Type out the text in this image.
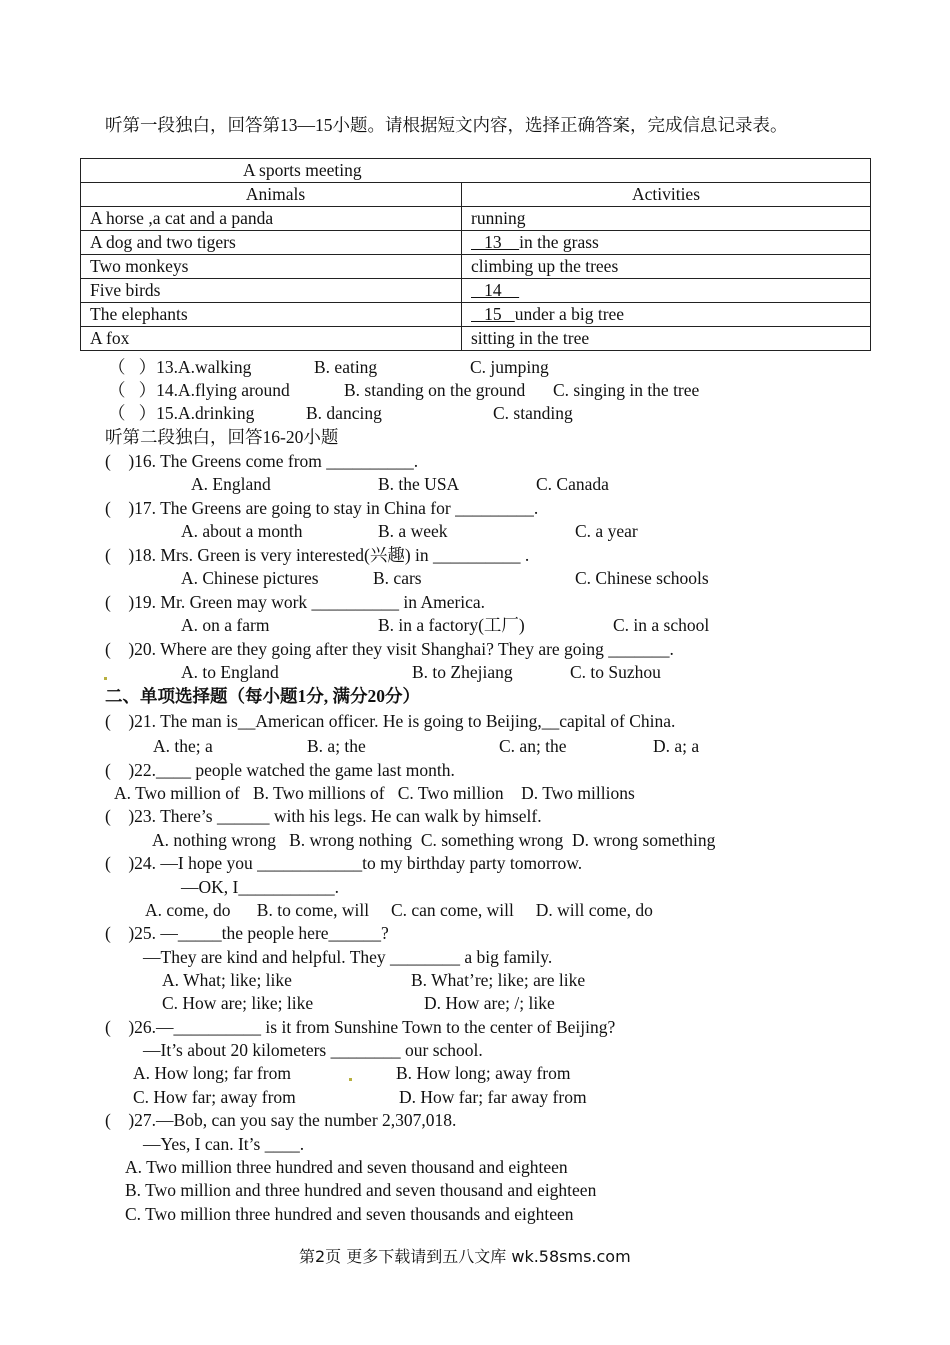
听第一段独白，回答第13—15小题。请根据短文内容，选择正确答案，完成信息记录表。
A sports meeting	
Animals	Activities
A horse ,a cat and a panda	running
A dog and two tigers	13    in the grass
Two monkeys	climbing up the trees
Five birds	14
The elephants	15   under a big tree
A fox	sitting in the tree
（   ）13.A.walking	B. eating	C. jumping
（   ）14.A.flying around	B. standing on the ground C. singing in the tree
（   ）15.A.drinking	B. dancing	C. standing
听第二段独白，回答16-20小题
(    )16. The Greens come from __________.
A. England	B. the USA	C. Canada
(    )17. The Greens are going to stay in China for _________.
A. about a month	B. a week	C. a year
(    )18. Mrs. Green is very interested(兴趣) in __________ .
A. Chinese pictures	B. cars	C. Chinese schools
(    )19. Mr. Green may work __________ in America.
A. on a farm	B. in a factory(工厂)	C. in a school
(    )20. Where are they going after they visit Shanghai? They are going _______.
A. to England	B. to Zhejiang	C. to Suzhou
二、单项选择题（每小题1分, 满分20分）
(    )21. The man is__American officer. He is going to Beijing,__capital of China.
A. the; a	B. a; the	C. an; the	D. a; a
(    )22.____ people watched the game last month.
A. Two million of   B. Two millions of   C. Two million    D. Two millions
(    )23. There’s ______ with his legs. He can walk by himself.
A. nothing wrong   B. wrong nothing  C. something wrong  D. wrong something
(    )24. —I hope you ____________to my birthday party tomorrow.
—OK, I___________.
A. come, do      B. to come, will     C. can come, will     D. will come, do
(    )25. —_____the people here______?
—They are kind and helpful. They ________ a big family.
A. What; like; like	B. What’re; like; are like
C. How are; like; like	D. How are; /; like
(    )26.—__________ is it from Sunshine Town to the center of Beijing?
—It’s about 20 kilometers ________ our school.
A. How long; far from	B. How long; away from
C. How far; away from	D. How far; far away from
(    )27.—Bob, can you say the number 2,307,018.
—Yes, I can. It’s ____.
A. Two million three hundred and seven thousand and eighteen
B. Two million and three hundred and seven thousand and eighteen
C. Two million three hundred and seven thousands and eighteen
第2页 更多下载请到五八文库 wk.58sms.com
